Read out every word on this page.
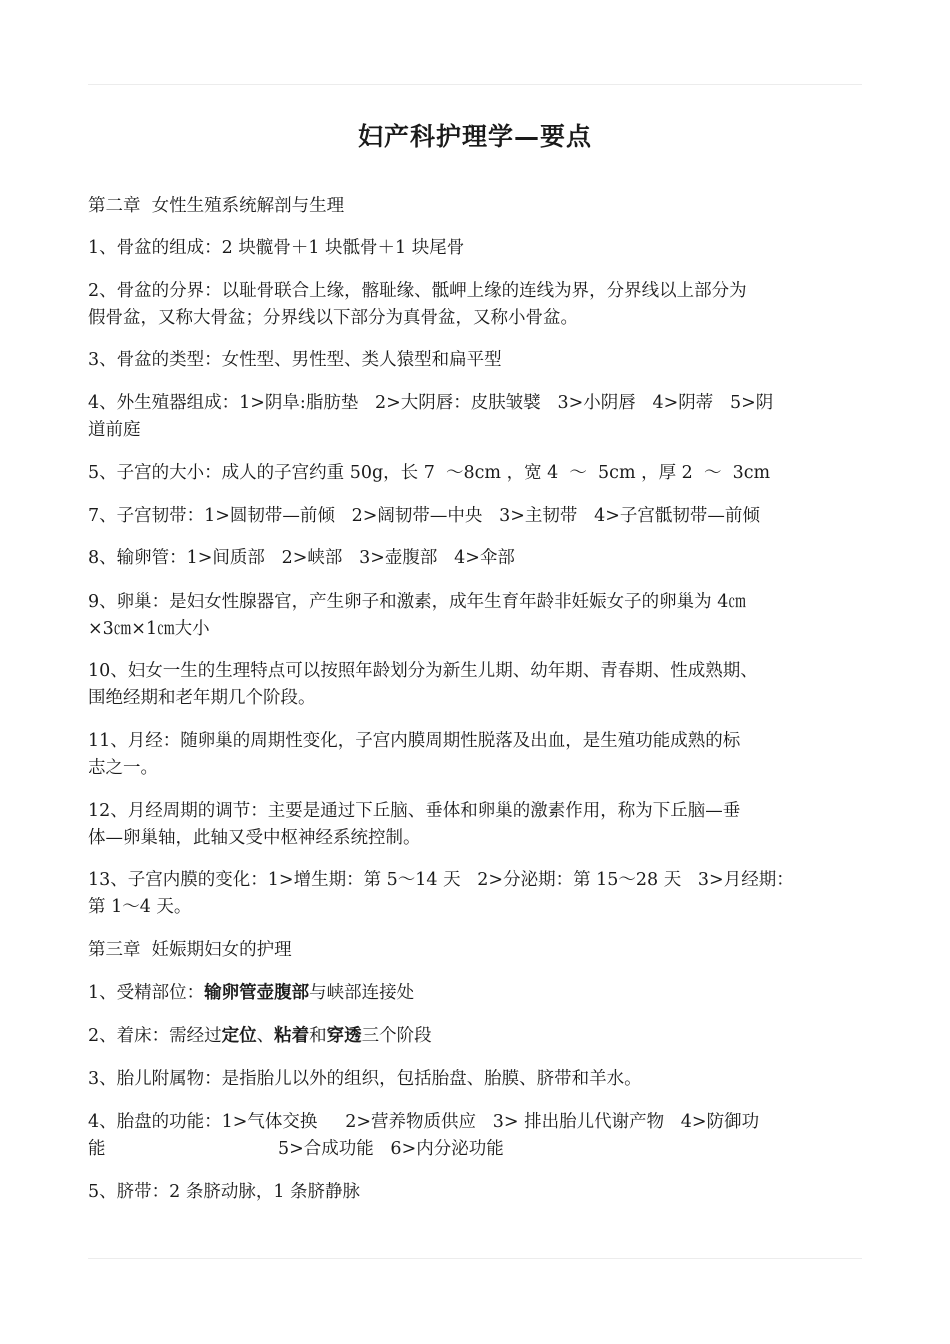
妇产科护理学—要点
第二章  女性生殖系统解剖与生理
1、骨盆的组成：2 块髋骨＋1 块骶骨＋1 块尾骨
2、骨盆的分界：以耻骨联合上缘，髂耻缘、骶岬上缘的连线为界，分界线以上部分为
假骨盆，又称大骨盆；分界线以下部分为真骨盆，又称小骨盆。
3、骨盆的类型：女性型、男性型、类人猿型和扁平型
4、外生殖器组成：1>阴阜:脂肪垫   2>大阴唇：皮肤皱襞   3>小阴唇   4>阴蒂   5>阴
道前庭
5、子宫的大小：成人的子宫约重 50g，长 7  ～8cm ，宽 4  ～  5cm ，厚 2  ～  3cm
7、子宫韧带：1>圆韧带—前倾   2>阔韧带—中央   3>主韧带   4>子宫骶韧带—前倾
8、输卵管：1>间质部   2>峡部   3>壶腹部   4>伞部
9、卵巢：是妇女性腺器官，产生卵子和激素，成年生育年龄非妊娠女子的卵巢为 4㎝
×3㎝×1㎝大小
10、妇女一生的生理特点可以按照年龄划分为新生儿期、幼年期、青春期、性成熟期、
围绝经期和老年期几个阶段。
11、月经：随卵巢的周期性变化，子宫内膜周期性脱落及出血，是生殖功能成熟的标
志之一。
12、月经周期的调节：主要是通过下丘脑、垂体和卵巢的激素作用，称为下丘脑—垂
体—卵巢轴，此轴又受中枢神经系统控制。
13、子宫内膜的变化：1>增生期：第 5～14 天   2>分泌期：第 15～28 天   3>月经期：
第 1～4 天。
第三章  妊娠期妇女的护理
1、受精部位：输卵管壶腹部与峡部连接处
2、着床：需经过定位、粘着和穿透三个阶段
3、胎儿附属物：是指胎儿以外的组织，包括胎盘、胎膜、脐带和羊水。
4、胎盘的功能：1>气体交换     2>营养物质供应   3> 排出胎儿代谢产物   4>防御功
能                               5>合成功能   6>内分泌功能
5、脐带：2 条脐动脉，1 条脐静脉
